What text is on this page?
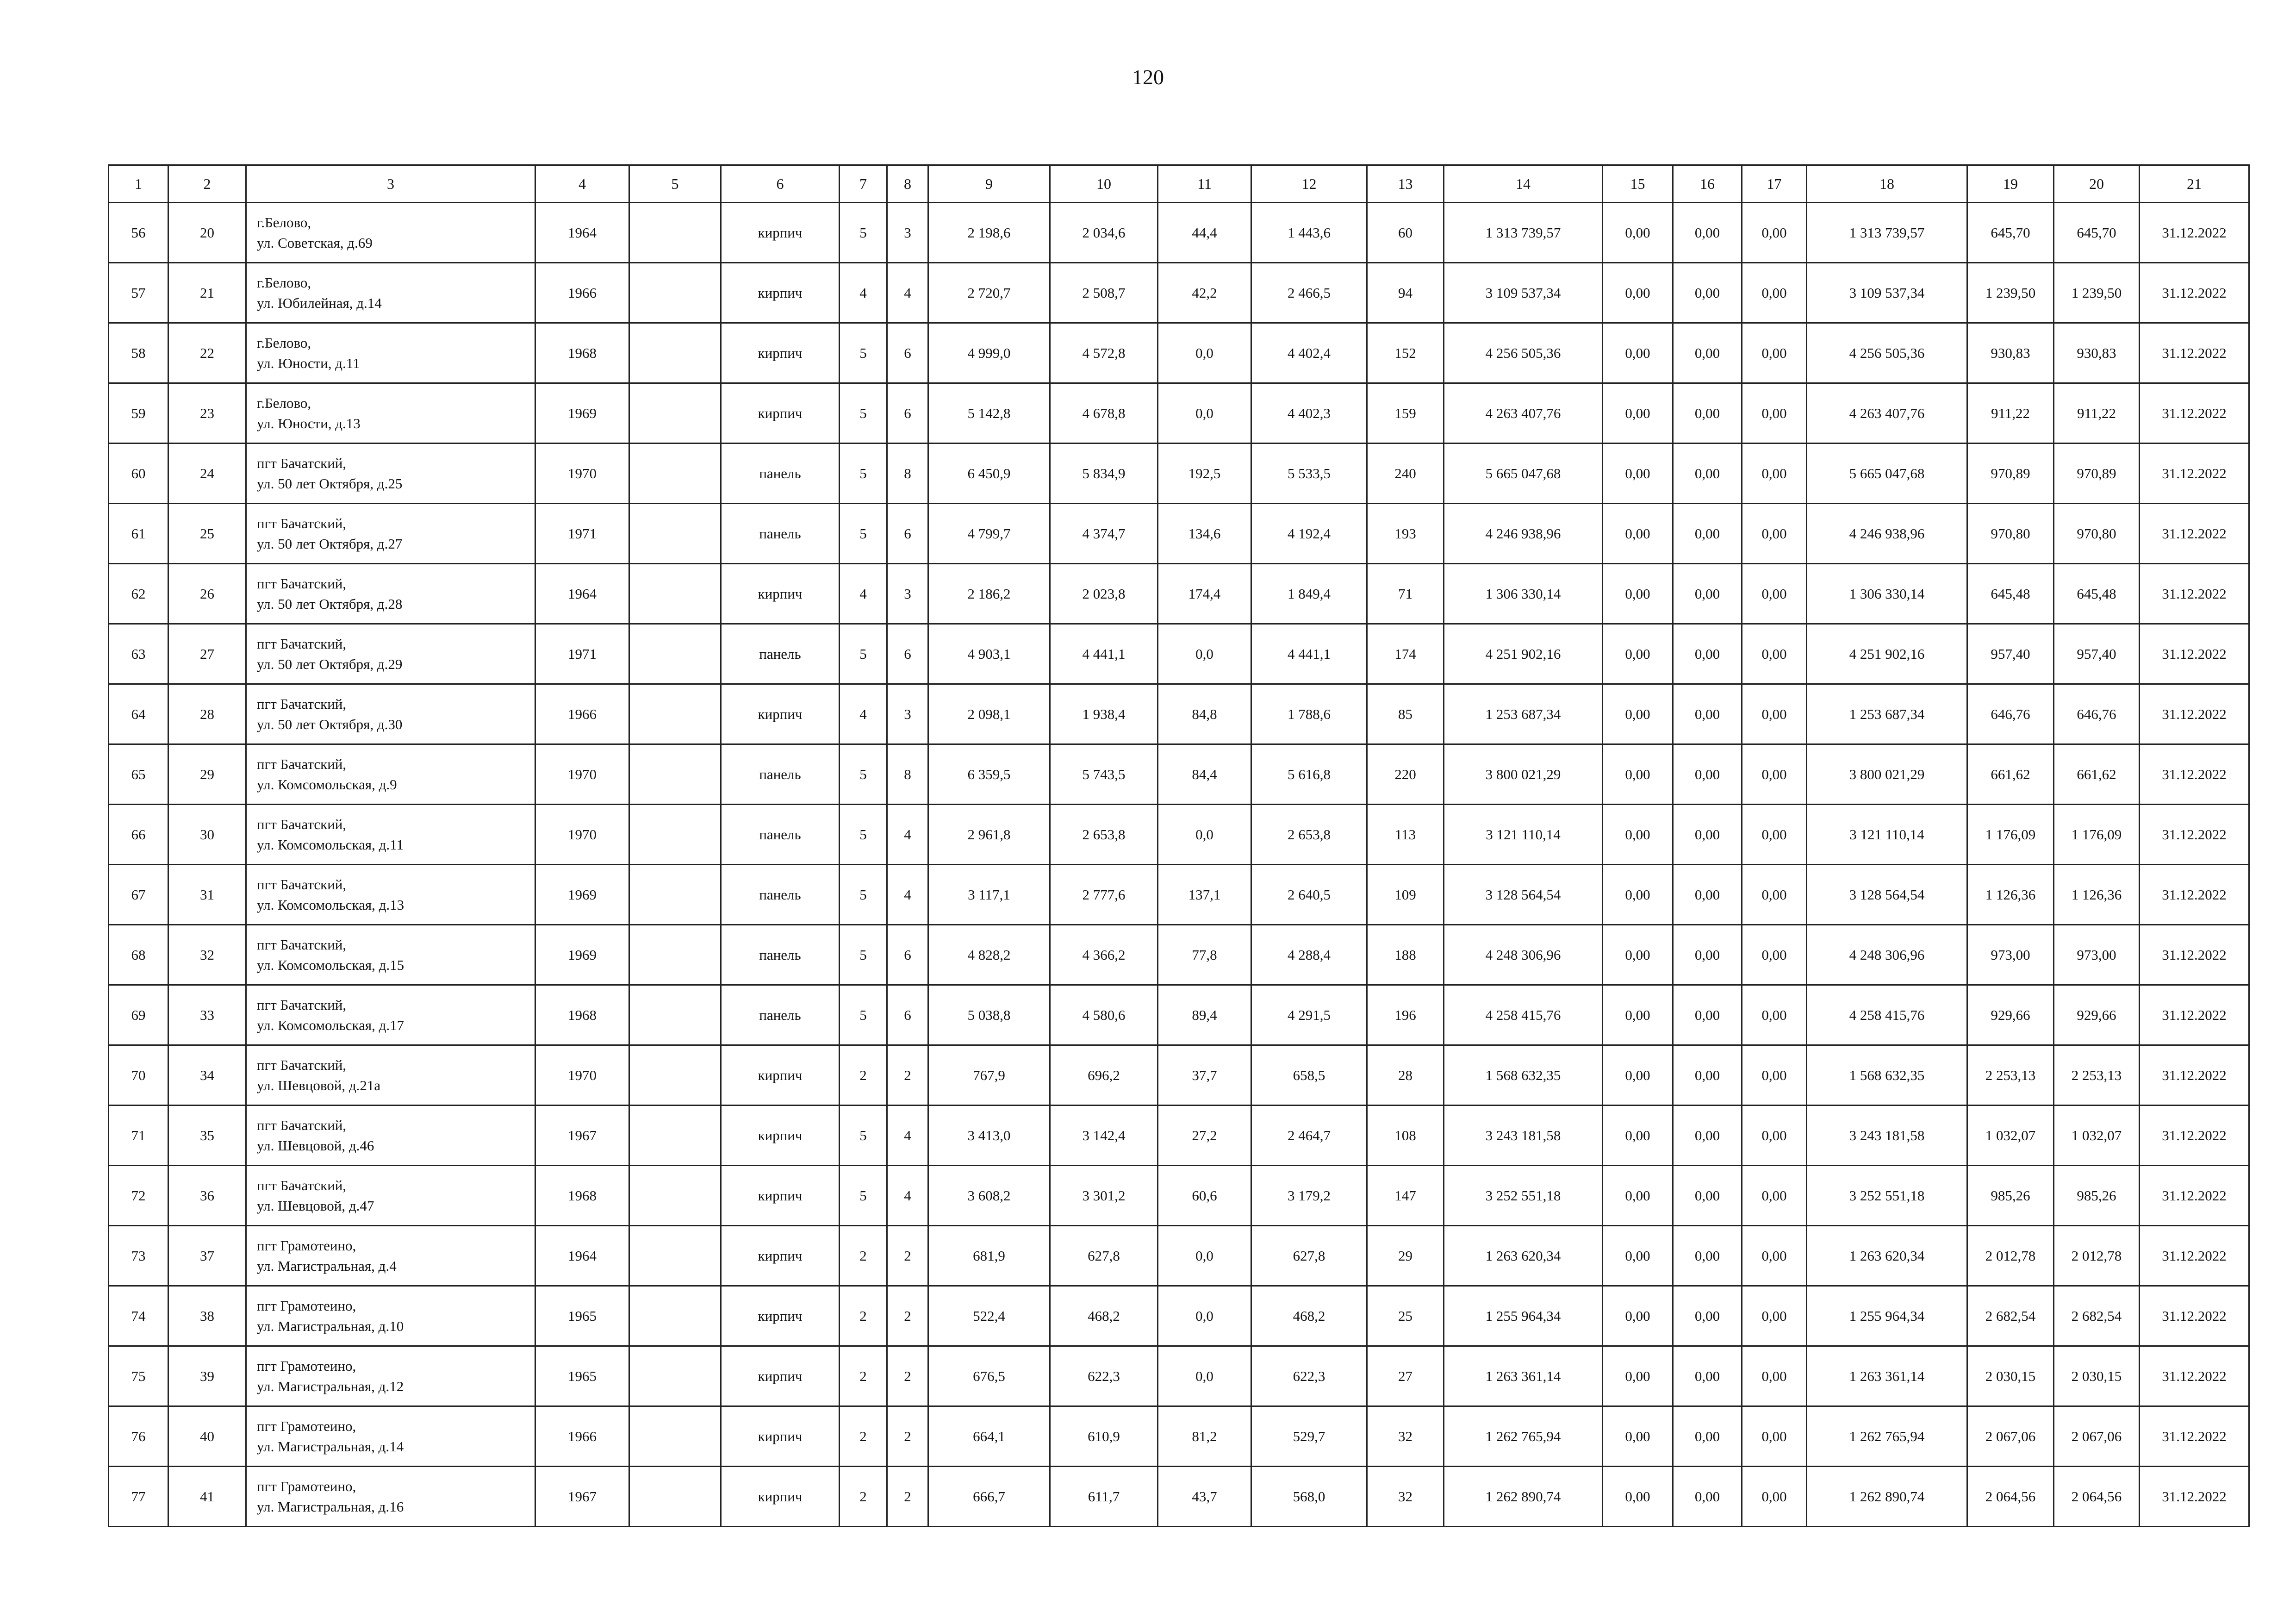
120
1	2	3	4	5	6	7	8	9	10	11	12	13	14	15	16	17	18	19	20	21
56	20	г.Белово,
ул. Советская, д.69	1964		кирпич	5	3	2 198,6	2 034,6	44,4	1 443,6	60	1 313 739,57	0,00	0,00	0,00	1 313 739,57	645,70	645,70	31.12.2022
57	21	г.Белово,
ул. Юбилейная, д.14	1966		кирпич	4	4	2 720,7	2 508,7	42,2	2 466,5	94	3 109 537,34	0,00	0,00	0,00	3 109 537,34	1 239,50	1 239,50	31.12.2022
58	22	г.Белово,
ул. Юности, д.11	1968		кирпич	5	6	4 999,0	4 572,8	0,0	4 402,4	152	4 256 505,36	0,00	0,00	0,00	4 256 505,36	930,83	930,83	31.12.2022
59	23	г.Белово,
ул. Юности, д.13	1969		кирпич	5	6	5 142,8	4 678,8	0,0	4 402,3	159	4 263 407,76	0,00	0,00	0,00	4 263 407,76	911,22	911,22	31.12.2022
60	24	пгт Бачатский,
ул. 50 лет Октября, д.25	1970		панель	5	8	6 450,9	5 834,9	192,5	5 533,5	240	5 665 047,68	0,00	0,00	0,00	5 665 047,68	970,89	970,89	31.12.2022
61	25	пгт Бачатский,
ул. 50 лет Октября, д.27	1971		панель	5	6	4 799,7	4 374,7	134,6	4 192,4	193	4 246 938,96	0,00	0,00	0,00	4 246 938,96	970,80	970,80	31.12.2022
62	26	пгт Бачатский,
ул. 50 лет Октября, д.28	1964		кирпич	4	3	2 186,2	2 023,8	174,4	1 849,4	71	1 306 330,14	0,00	0,00	0,00	1 306 330,14	645,48	645,48	31.12.2022
63	27	пгт Бачатский,
ул. 50 лет Октября, д.29	1971		панель	5	6	4 903,1	4 441,1	0,0	4 441,1	174	4 251 902,16	0,00	0,00	0,00	4 251 902,16	957,40	957,40	31.12.2022
64	28	пгт Бачатский,
ул. 50 лет Октября, д.30	1966		кирпич	4	3	2 098,1	1 938,4	84,8	1 788,6	85	1 253 687,34	0,00	0,00	0,00	1 253 687,34	646,76	646,76	31.12.2022
65	29	пгт Бачатский,
ул. Комсомольская, д.9	1970		панель	5	8	6 359,5	5 743,5	84,4	5 616,8	220	3 800 021,29	0,00	0,00	0,00	3 800 021,29	661,62	661,62	31.12.2022
66	30	пгт Бачатский,
ул. Комсомольская, д.11	1970		панель	5	4	2 961,8	2 653,8	0,0	2 653,8	113	3 121 110,14	0,00	0,00	0,00	3 121 110,14	1 176,09	1 176,09	31.12.2022
67	31	пгт Бачатский,
ул. Комсомольская, д.13	1969		панель	5	4	3 117,1	2 777,6	137,1	2 640,5	109	3 128 564,54	0,00	0,00	0,00	3 128 564,54	1 126,36	1 126,36	31.12.2022
68	32	пгт Бачатский,
ул. Комсомольская, д.15	1969		панель	5	6	4 828,2	4 366,2	77,8	4 288,4	188	4 248 306,96	0,00	0,00	0,00	4 248 306,96	973,00	973,00	31.12.2022
69	33	пгт Бачатский,
ул. Комсомольская, д.17	1968		панель	5	6	5 038,8	4 580,6	89,4	4 291,5	196	4 258 415,76	0,00	0,00	0,00	4 258 415,76	929,66	929,66	31.12.2022
70	34	пгт Бачатский,
ул. Шевцовой, д.21а	1970		кирпич	2	2	767,9	696,2	37,7	658,5	28	1 568 632,35	0,00	0,00	0,00	1 568 632,35	2 253,13	2 253,13	31.12.2022
71	35	пгт Бачатский,
ул. Шевцовой, д.46	1967		кирпич	5	4	3 413,0	3 142,4	27,2	2 464,7	108	3 243 181,58	0,00	0,00	0,00	3 243 181,58	1 032,07	1 032,07	31.12.2022
72	36	пгт Бачатский,
ул. Шевцовой, д.47	1968		кирпич	5	4	3 608,2	3 301,2	60,6	3 179,2	147	3 252 551,18	0,00	0,00	0,00	3 252 551,18	985,26	985,26	31.12.2022
73	37	пгт Грамотеино,
ул. Магистральная, д.4	1964		кирпич	2	2	681,9	627,8	0,0	627,8	29	1 263 620,34	0,00	0,00	0,00	1 263 620,34	2 012,78	2 012,78	31.12.2022
74	38	пгт Грамотеино,
ул. Магистральная, д.10	1965		кирпич	2	2	522,4	468,2	0,0	468,2	25	1 255 964,34	0,00	0,00	0,00	1 255 964,34	2 682,54	2 682,54	31.12.2022
75	39	пгт Грамотеино,
ул. Магистральная, д.12	1965		кирпич	2	2	676,5	622,3	0,0	622,3	27	1 263 361,14	0,00	0,00	0,00	1 263 361,14	2 030,15	2 030,15	31.12.2022
76	40	пгт Грамотеино,
ул. Магистральная, д.14	1966		кирпич	2	2	664,1	610,9	81,2	529,7	32	1 262 765,94	0,00	0,00	0,00	1 262 765,94	2 067,06	2 067,06	31.12.2022
77	41	пгт Грамотеино,
ул. Магистральная, д.16	1967		кирпич	2	2	666,7	611,7	43,7	568,0	32	1 262 890,74	0,00	0,00	0,00	1 262 890,74	2 064,56	2 064,56	31.12.2022
